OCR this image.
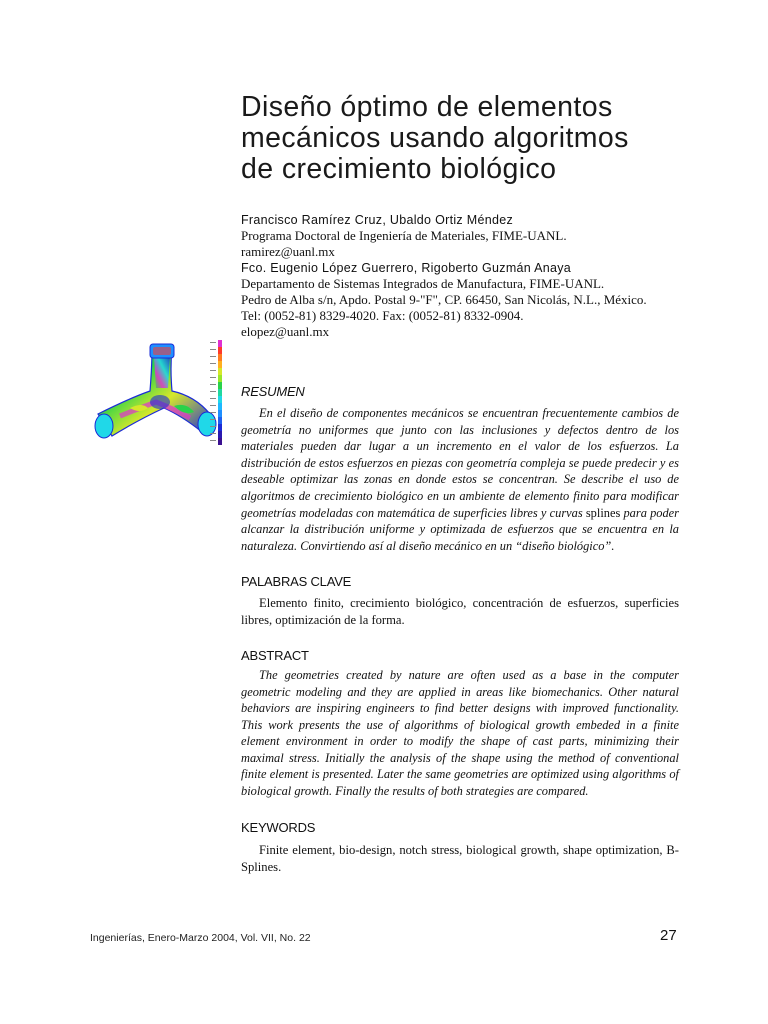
Diseño óptimo de elementos
mecánicos usando algoritmos
de crecimiento biológico
Francisco Ramírez Cruz, Ubaldo Ortiz Méndez
Programa Doctoral de Ingeniería de Materiales, FIME-UANL.
ramirez@uanl.mx
Fco. Eugenio López Guerrero, Rigoberto Guzmán Anaya
Departamento de Sistemas Integrados de Manufactura, FIME-UANL.
Pedro de Alba s/n, Apdo. Postal 9-"F", CP. 66450, San Nicolás, N.L., México.
Tel: (0052-81) 8329-4020. Fax: (0052-81) 8332-0904.
elopez@uanl.mx
RESUMEN

En el diseño de componentes mecánicos se encuentran frecuentemente cambios de geometría no uniformes que junto con las inclusiones y defectos dentro de los materiales pueden dar lugar a un incremento en el valor de los esfuerzos. La distribución de estos esfuerzos en piezas con geometría compleja se puede predecir y es deseable optimizar las zonas en donde estos se concentran. Se describe el uso de algoritmos de crecimiento biológico en un ambiente de elemento finito para modificar geometrías modeladas con matemática de superficies libres y curvas splines para poder alcanzar la distribución uniforme y optimizada de esfuerzos que se encuentra en la naturaleza. Convirtiendo así al diseño mecánico en un “diseño biológico”.

PALABRAS CLAVE

Elemento finito, crecimiento biológico, concentración de esfuerzos, superficies libres, optimización de la forma.

ABSTRACT

The geometries created by nature are often used as a base in the computer geometric modeling and they are applied in areas like biomechanics. Other natural behaviors are inspiring engineers to find better designs with improved functionality. This work presents the use of algorithms of biological growth embeded in a finite element environment in order to modify the shape of cast parts, minimizing their maximal stress. Initially the analysis of the shape using the method of conventional finite element is presented. Later the same geometries are optimized using algorithms of biological growth. Finally the results of both strategies are compared.

KEYWORDS

Finite element, bio-design, notch stress, biological growth, shape optimization, B-Splines.

Ingenierías, Enero-Marzo 2004, Vol. VII, No. 22	27
